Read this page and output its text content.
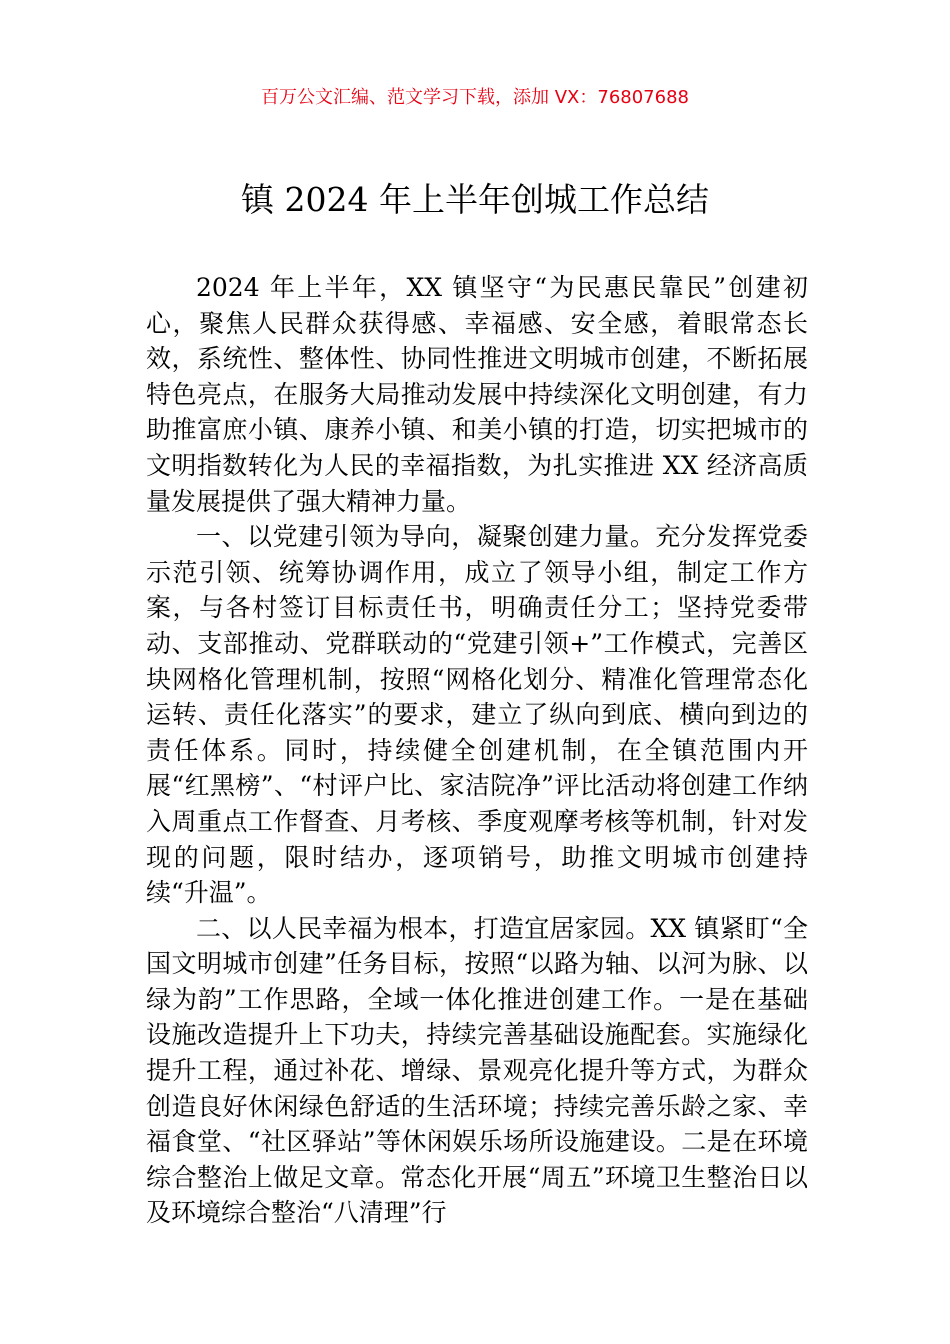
百万公文汇编、范文学习下载，添加 VX：76807688
镇 2024 年上半年创城工作总结

2024 年上半年，XX 镇坚守“为民惠民靠民”创建初心，聚焦人民群众获得感、幸福感、安全感，着眼常态长效，系统性、整体性、协同性推进文明城市创建，不断拓展特色亮点，在服务大局推动发展中持续深化文明创建，有力助推富庶小镇、康养小镇、和美小镇的打造，切实把城市的文明指数转化为人民的幸福指数，为扎实推进 XX 经济高质量发展提供了强大精神力量。

一、以党建引领为导向，凝聚创建力量。充分发挥党委示范引领、统筹协调作用，成立了领导小组，制定工作方案，与各村签订目标责任书，明确责任分工；坚持党委带动、支部推动、党群联动的“党建引领+”工作模式，完善区块网格化管理机制，按照“网格化划分、精准化管理常态化运转、责任化落实”的要求，建立了纵向到底、横向到边的责任体系。同时，持续健全创建机制，在全镇范围内开展“红黑榜”、“村评户比、家洁院净”评比活动将创建工作纳入周重点工作督查、月考核、季度观摩考核等机制，针对发现的问题，限时结办，逐项销号，助推文明城市创建持续“升温”。

二、以人民幸福为根本，打造宜居家园。XX 镇紧盯“全国文明城市创建”任务目标，按照“以路为轴、以河为脉、以绿为韵”工作思路，全域一体化推进创建工作。一是在基础设施改造提升上下功夫，持续完善基础设施配套。实施绿化提升工程，通过补花、增绿、景观亮化提升等方式，为群众创造良好休闲绿色舒适的生活环境；持续完善乐龄之家、幸福食堂、“社区驿站”等休闲娱乐场所设施建设。二是在环境综合整治上做足文章。常态化开展“周五”环境卫生整治日以及环境综合整治“八清理”行
